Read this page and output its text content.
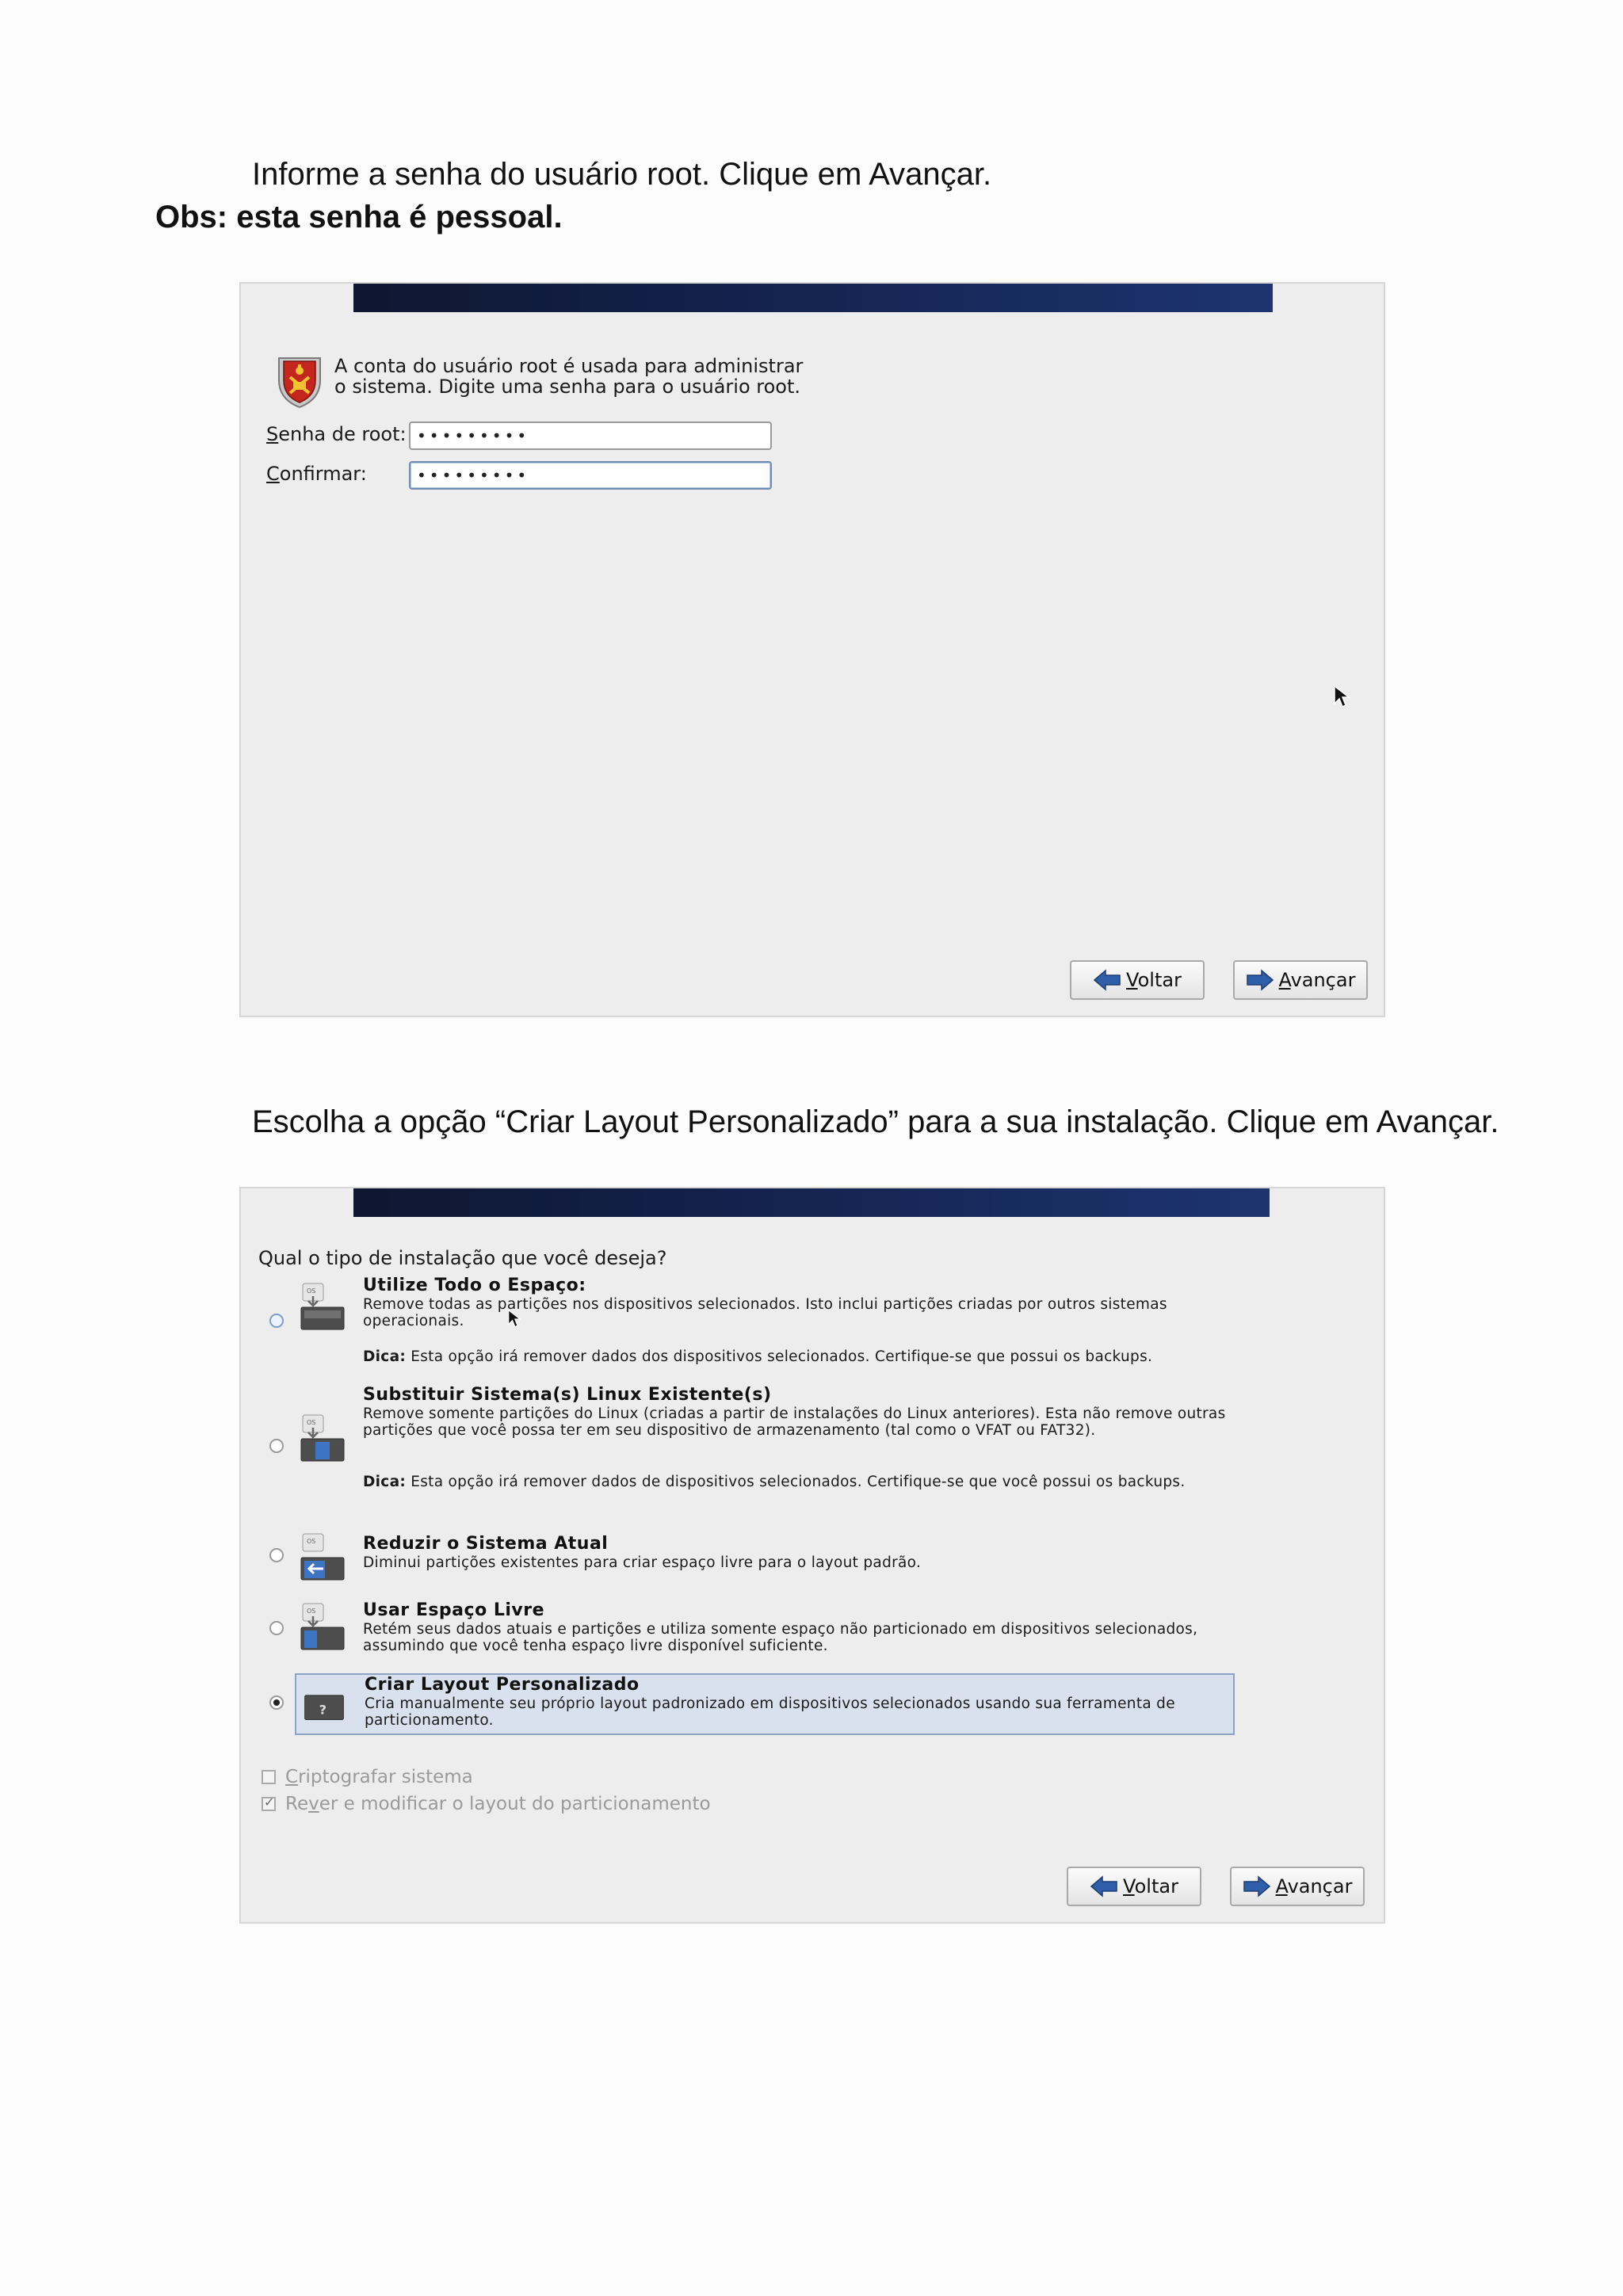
Informe a senha do usuário root. Clique em Avançar.
Obs: esta senha é pessoal.
A conta do usuário root é usada para administrar
o sistema. Digite uma senha para o usuário root.
Senha de root: •••••••••
Confirmar:	•••••••••
Voltar	Avançar
Escolha a opção “Criar Layout Personalizado” para a sua instalação. Clique em Avançar.
Qual o tipo de instalação que você deseja?
OS	Utilize Todo o Espaço:
Remove todas as partições nos dispositivos selecionados. Isto inclui partições criadas por outros sistemas operacionais.
Dica: Esta opção irá remover dados dos dispositivos selecionados. Certifique-se que possui os backups.
OS
Substituir Sistema(s) Linux Existente(s)
Remove somente partições do Linux (criadas a partir de instalações do Linux anteriores). Esta não remove outras partições que você possa ter em seu dispositivo de armazenamento (tal como o VFAT ou FAT32).
Dica: Esta opção irá remover dados de dispositivos selecionados. Certifique-se que você possui os backups.
OS	Reduzir o Sistema Atual
Diminui partições existentes para criar espaço livre para o layout padrão.
OS	Usar Espaço Livre
Retém seus dados atuais e partições e utiliza somente espaço não particionado em dispositivos selecionados, assumindo que você tenha espaço livre disponível suficiente.
?
Criar Layout Personalizado
Cria manualmente seu próprio layout padronizado em dispositivos selecionados usando sua ferramenta de particionamento.
Criptografar sistema
✓
Rever e modificar o layout do particionamento
Voltar	Avançar
